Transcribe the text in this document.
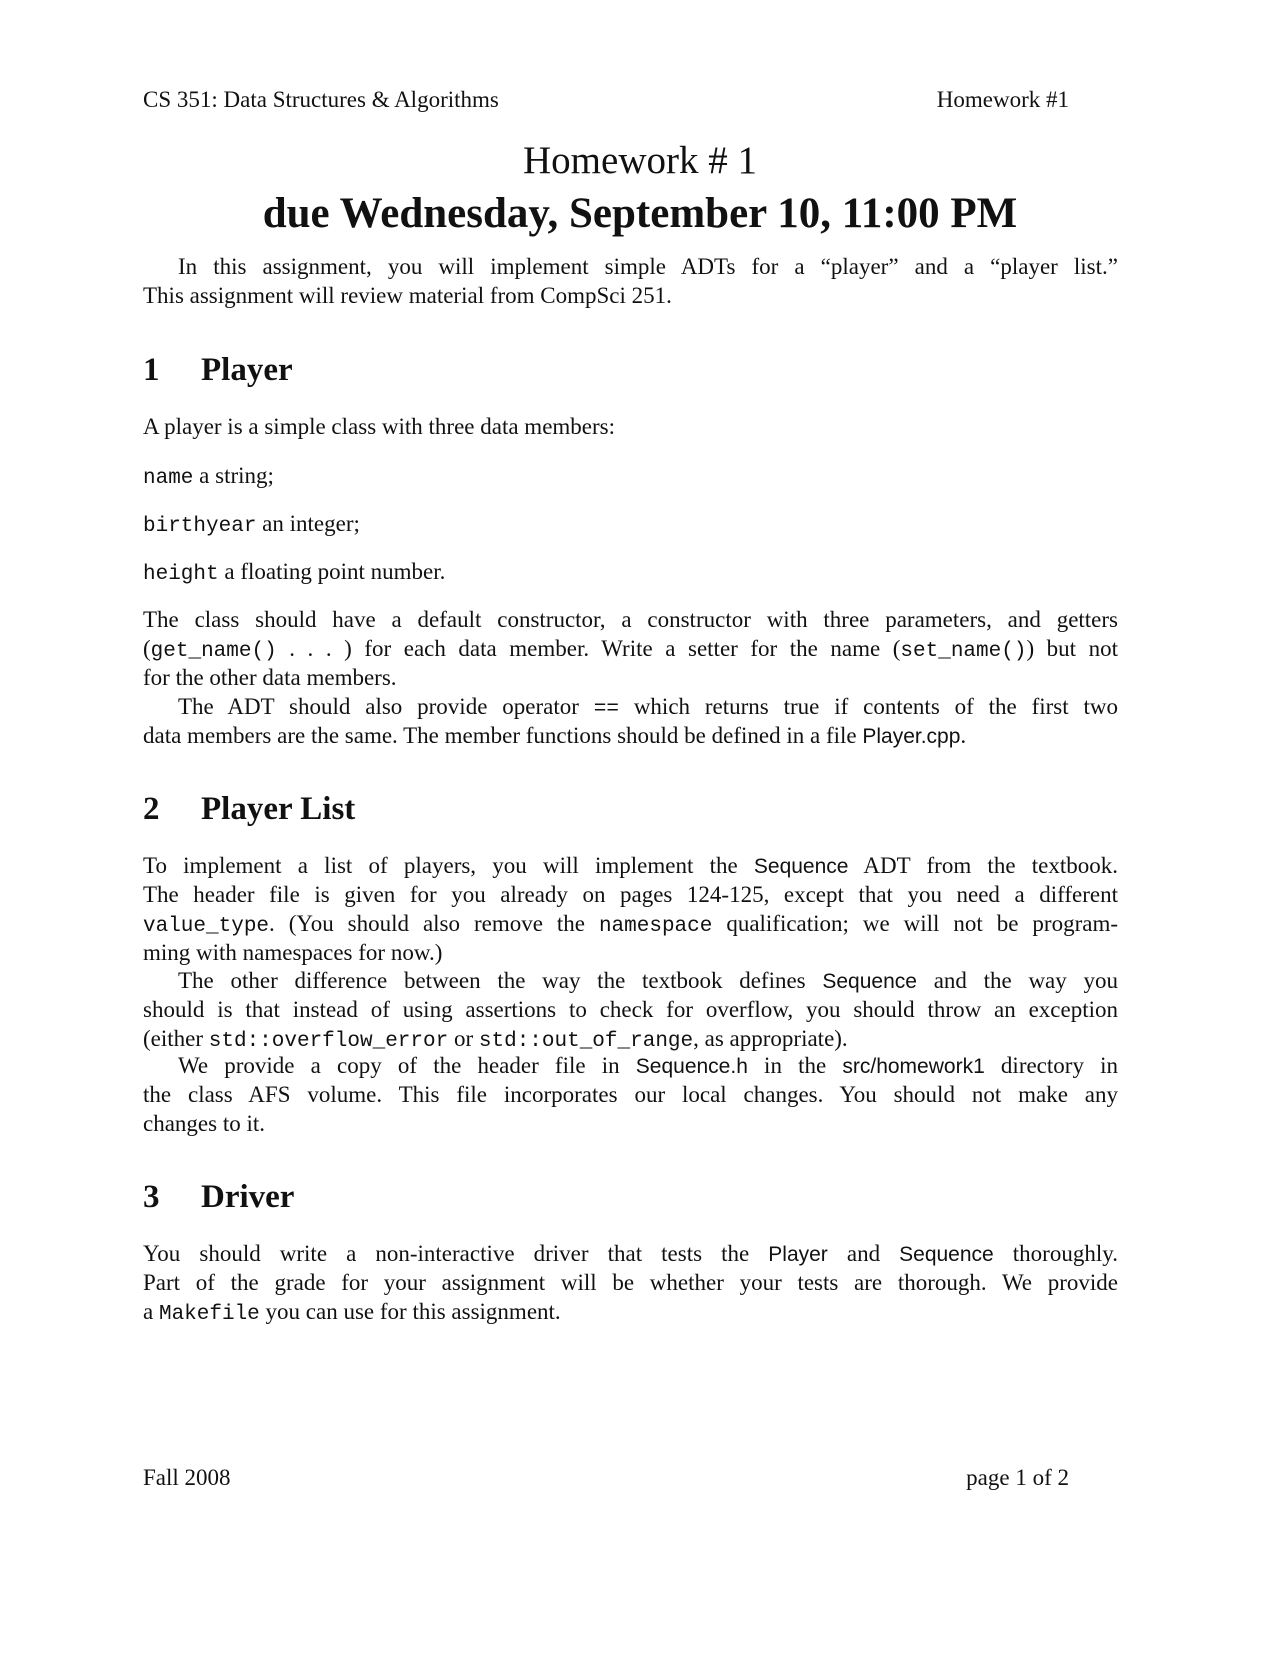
CS 351: Data Structures & Algorithms	Homework #1

Homework # 1

due Wednesday, September 10, 11:00 PM

In this assignment, you will implement simple ADTs for a “player” and a “player list.”
This assignment will review material from CompSci 251.
1 Player
A player is a simple class with three data members:
name a string;
birthyear an integer;
height a floating point number.
The class should have a default constructor, a constructor with three parameters, and getters
(get_name() . . . ) for each data member. Write a setter for the name (set_name()) but not
for the other data members.
The ADT should also provide operator == which returns true if contents of the first two
data members are the same. The member functions should be defined in a file Player.cpp.
2 Player List
To implement a list of players, you will implement the Sequence ADT from the textbook.
The header file is given for you already on pages 124-125, except that you need a different
value_type. (You should also remove the namespace qualification; we will not be program-
ming with namespaces for now.)
The other difference between the way the textbook defines Sequence and the way you
should is that instead of using assertions to check for overflow, you should throw an exception
(either std::overflow_error or std::out_of_range, as appropriate).
We provide a copy of the header file in Sequence.h in the src/homework1 directory in
the class AFS volume. This file incorporates our local changes. You should not make any
changes to it.
3 Driver
You should write a non-interactive driver that tests the Player and Sequence thoroughly.
Part of the grade for your assignment will be whether your tests are thorough. We provide
a Makefile you can use for this assignment.

Fall 2008	page 1 of 2
